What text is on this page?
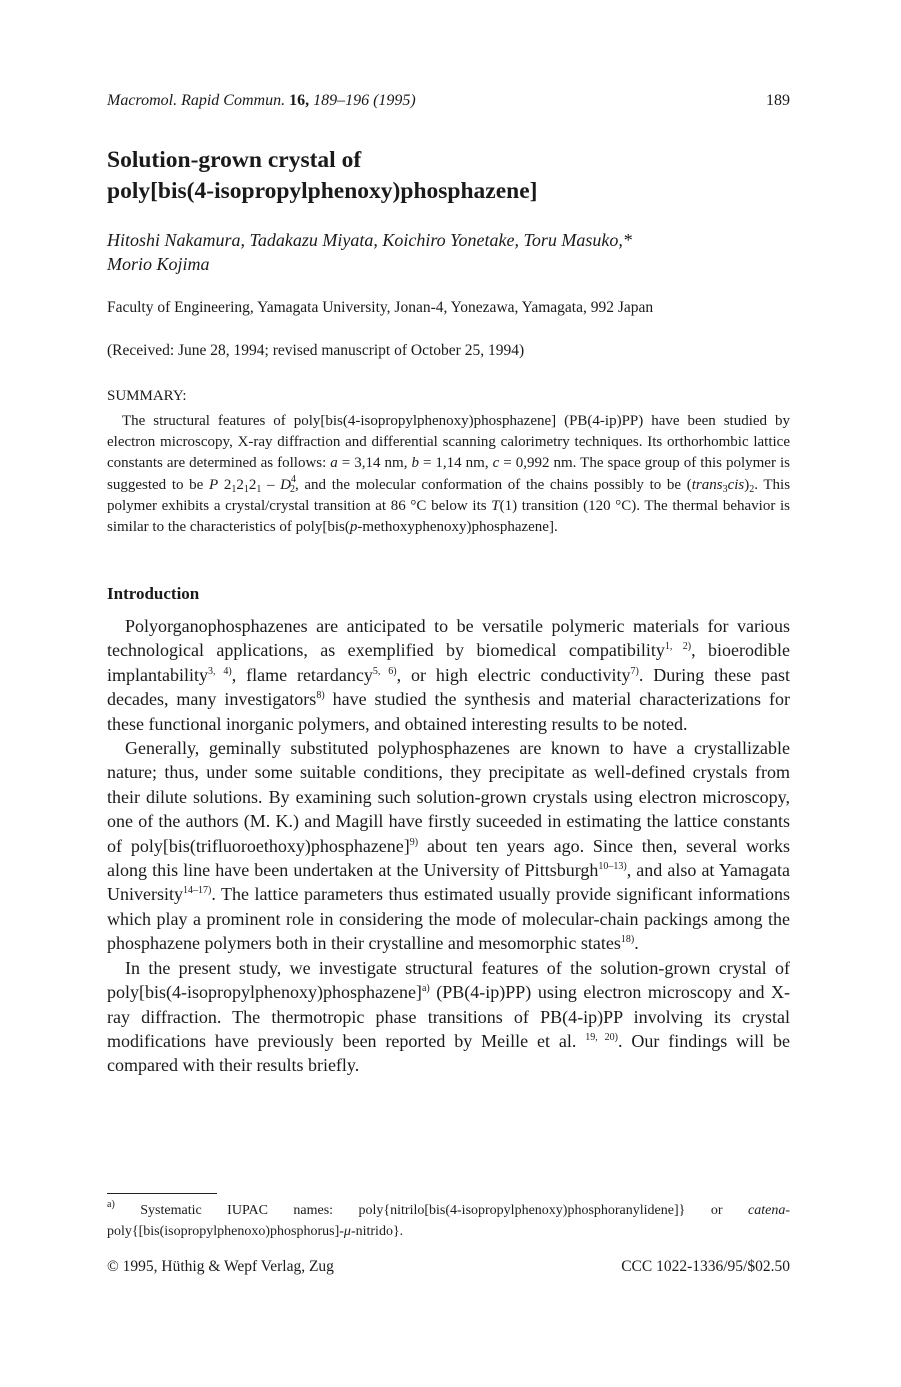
Macromol. Rapid Commun. 16, 189–196 (1995)	189
Solution-grown crystal of
poly[bis(4-isopropylphenoxy)phosphazene]
Hitoshi Nakamura, Tadakazu Miyata, Koichiro Yonetake, Toru Masuko,*
Morio Kojima
Faculty of Engineering, Yamagata University, Jonan-4, Yonezawa, Yamagata, 992 Japan
(Received: June 28, 1994; revised manuscript of October 25, 1994)
SUMMARY:

The structural features of poly[bis(4-isopropylphenoxy)phosphazene] (PB(4-ip)PP) have been studied by electron microscopy, X-ray diffraction and differential scanning calorimetry techniques. Its orthorhombic lattice constants are determined as follows: a = 3,14 nm, b = 1,14 nm, c = 0,992 nm. The space group of this polymer is suggested to be P $2_12_12_1 - D^4_2$, and the molecular conformation of the chains possibly to be $(trans_3cis)_2$. This polymer exhibits a crystal/crystal transition at 86 °C below its T(1) transition (120 °C). The thermal behavior is similar to the characteristics of poly[bis(p-methoxyphenoxy)phosphazene].

Introduction

Polyorganophosphazenes are anticipated to be versatile polymeric materials for various technological applications, as exemplified by biomedical compatibility$^{1, 2)}$, bioerodible implantability$^{3, 4)}$, flame retardancy$^{5, 6)}$, or high electric conductivity$^{7)}$. During these past decades, many investigators$^{8)}$ have studied the synthesis and material characterizations for these functional inorganic polymers, and obtained interesting results to be noted.

Generally, geminally substituted polyphosphazenes are known to have a crystallizable nature; thus, under some suitable conditions, they precipitate as well-defined crystals from their dilute solutions. By examining such solution-grown crystals using electron microscopy, one of the authors (M. K.) and Magill have firstly suceeded in estimating the lattice constants of poly[bis(trifluoroethoxy)phosphazene]$^{9)}$ about ten years ago. Since then, several works along this line have been undertaken at the University of Pittsburgh$^{10-13)}$, and also at Yamagata University$^{14-17)}$. The lattice parameters thus estimated usually provide significant informations which play a prominent role in considering the mode of molecular-chain packings among the phosphazene polymers both in their crystalline and mesomorphic states$^{18)}$.

In the present study, we investigate structural features of the solution-grown crystal of poly[bis(4-isopropylphenoxy)phosphazene]$^{a)}$ (PB(4-ip)PP) using electron microscopy and X-ray diffraction. The thermotropic phase transitions of PB(4-ip)PP involving its crystal modifications have previously been reported by Meille et al. $^{19, 20)}$. Our findings will be compared with their results briefly.

$^{a)}$ Systematic IUPAC names: poly{nitrilo[bis(4-isopropylphenoxy)phosphoranylidene]} or catena-poly{[bis(isopropylphenoxo)phosphorus]-μ-nitrido}.
© 1995, Hüthig & Wepf Verlag, Zug	CCC 1022-1336/95/$02.50
